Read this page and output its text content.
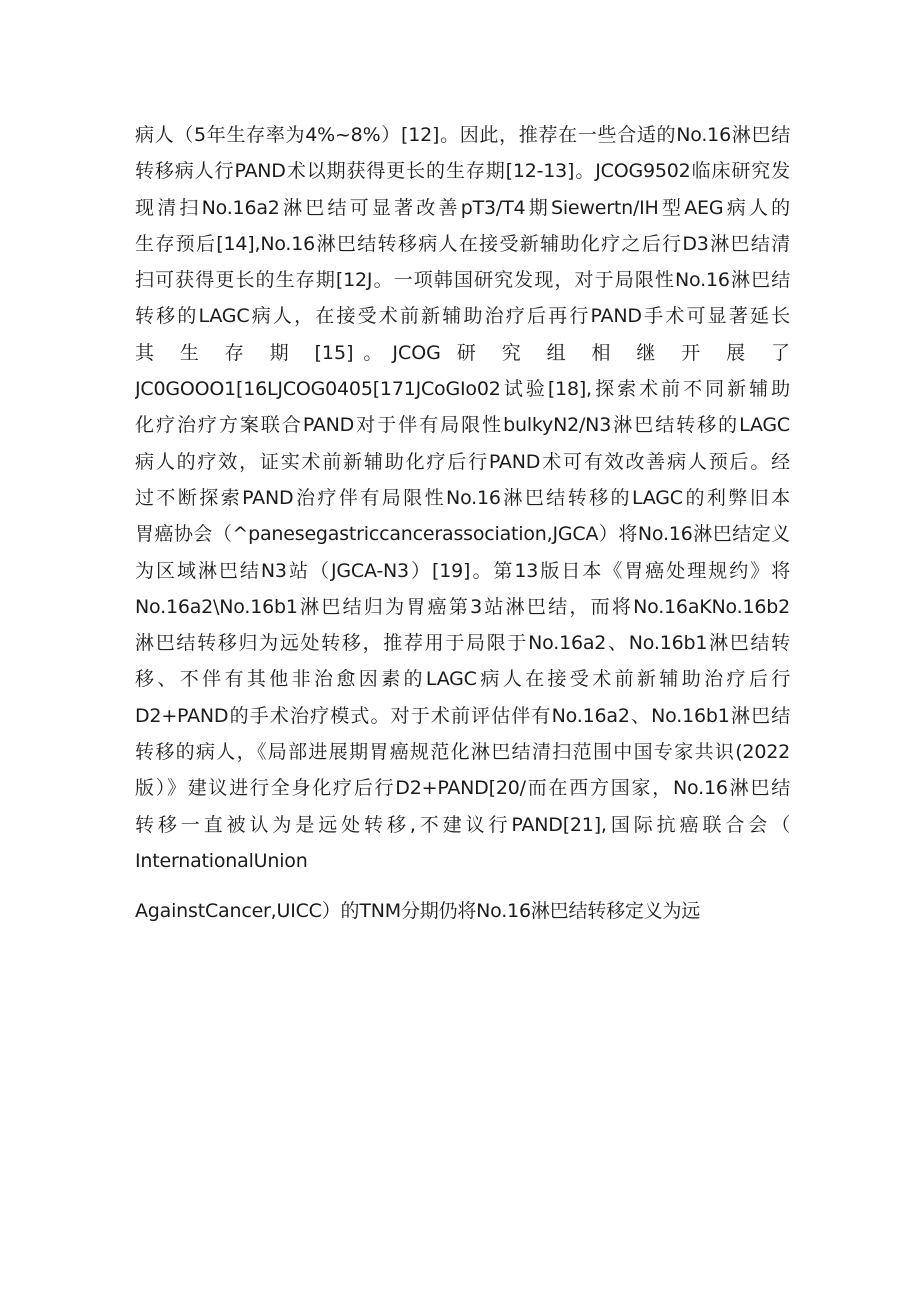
病人（5年生存率为4%~8%）[12]。因此，推荐在一些合适的No.16淋巴结
转移病人行PAND术以期获得更长的生存期[12-13]。JCOG9502临床研究发
现清扫No.16a2淋巴结可显著改善pT3/T4期Siewertn/IH型AEG病人的
生存预后[14],No.16淋巴结转移病人在接受新辅助化疗之后行D3淋巴结清
扫可获得更长的生存期[12J。一项韩国研究发现，对于局限性No.16淋巴结
转移的LAGC病人，在接受术前新辅助治疗后再行PAND手术可显著延长
其 生 存 期 [15]。JCOG 研 究 组 相 继 开 展 了
JC0GOOO1[16LJCOG0405[171JCoGIo02试验[18],探索术前不同新辅助
化疗治疗方案联合PAND对于伴有局限性bulkyN2/N3淋巴结转移的LAGC
病人的疗效，证实术前新辅助化疗后行PAND术可有效改善病人预后。经
过不断探索PAND治疗伴有局限性No.16淋巴结转移的LAGC的利弊旧本
胃癌协会（^panesegastriccancerassociation,JGCA）将No.16淋巴结定义
为区域淋巴结N3站（JGCA-N3）[19]。第13版日本《胃癌处理规约》将
No.16a2\No.16b1淋巴结归为胃癌第3站淋巴结，而将No.16aKNo.16b2
淋巴结转移归为远处转移，推荐用于局限于No.16a2、No.16b1淋巴结转
移、不伴有其他非治愈因素的LAGC病人在接受术前新辅助治疗后行
D2+PAND的手术治疗模式。对于术前评估伴有No.16a2、No.16b1淋巴结
转移的病人，《局部进展期胃癌规范化淋巴结清扫范围中国专家共识(2022
版）》建议进行全身化疗后行D2+PAND[20/而在西方国家，No.16淋巴结
转移一直被认为是远处转移,不建议行PAND[21],国际抗癌联合会（
InternationalUnion
AgainstCancer,UICC）的TNM分期仍将No.16淋巴结转移定义为远
